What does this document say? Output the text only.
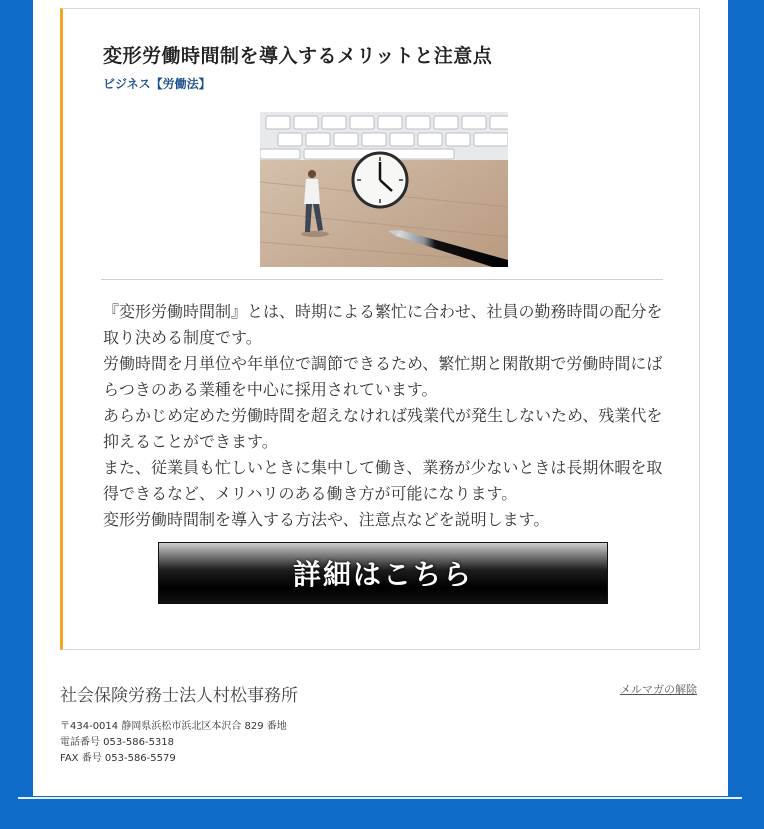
変形労働時間制を導入するメリットと注意点
ビジネス【労働法】

『変形労働時間制』とは、時期による繁忙に合わせ、社員の勤務時間の配分を取り決める制度です。

労働時間を月単位や年単位で調節できるため、繁忙期と閑散期で労働時間にばらつきのある業種を中心に採用されています。

あらかじめ定めた労働時間を超えなければ残業代が発生しないため、残業代を抑えることができます。

また、従業員も忙しいときに集中して働き、業務が少ないときは長期休暇を取得できるなど、メリハリのある働き方が可能になります。

変形労働時間制を導入する方法や、注意点などを説明します。

詳細はこちら
社会保険労務士法人村松事務所	メルマガの解除
〒434-0014 静岡県浜松市浜北区本沢合 829 番地
電話番号 053-586-5318
FAX 番号 053-586-5579
